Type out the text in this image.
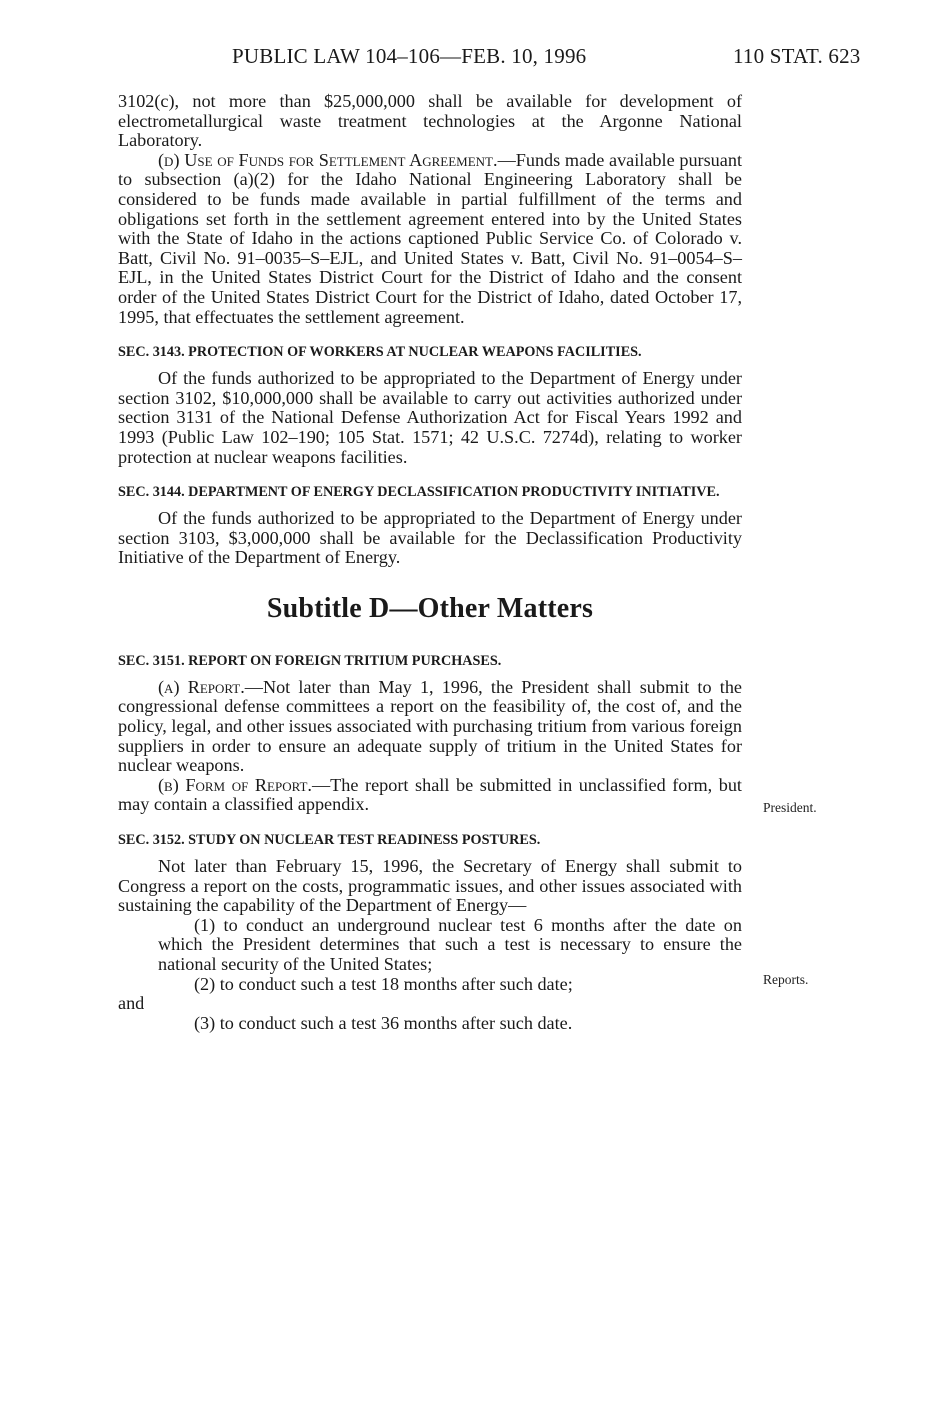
PUBLIC LAW 104–106—FEB. 10, 1996	110 STAT. 623

3102(c), not more than $25,000,000 shall be available for development of electrometallurgical waste treatment technologies at the Argonne National Laboratory.

(d) Use of Funds for Settlement Agreement.—Funds made available pursuant to subsection (a)(2) for the Idaho National Engineering Laboratory shall be considered to be funds made available in partial fulfillment of the terms and obligations set forth in the settlement agreement entered into by the United States with the State of Idaho in the actions captioned Public Service Co. of Colorado v. Batt, Civil No. 91–0035–S–EJL, and United States v. Batt, Civil No. 91–0054–S–EJL, in the United States District Court for the District of Idaho and the consent order of the United States District Court for the District of Idaho, dated October 17, 1995, that effectuates the settlement agreement.

SEC. 3143. PROTECTION OF WORKERS AT NUCLEAR WEAPONS FACILITIES.

Of the funds authorized to be appropriated to the Department of Energy under section 3102, $10,000,000 shall be available to carry out activities authorized under section 3131 of the National Defense Authorization Act for Fiscal Years 1992 and 1993 (Public Law 102–190; 105 Stat. 1571; 42 U.S.C. 7274d), relating to worker protection at nuclear weapons facilities.

SEC. 3144. DEPARTMENT OF ENERGY DECLASSIFICATION PRODUCTIVITY INITIATIVE.

Of the funds authorized to be appropriated to the Department of Energy under section 3103, $3,000,000 shall be available for the Declassification Productivity Initiative of the Department of Energy.

Subtitle D—Other Matters
SEC. 3151. REPORT ON FOREIGN TRITIUM PURCHASES.

(a) Report.—Not later than May 1, 1996, the President shall submit to the congressional defense committees a report on the feasibility of, the cost of, and the policy, legal, and other issues associated with purchasing tritium from various foreign suppliers in order to ensure an adequate supply of tritium in the United States for nuclear weapons.

(b) Form of Report.—The report shall be submitted in unclassified form, but may contain a classified appendix.

SEC. 3152. STUDY ON NUCLEAR TEST READINESS POSTURES.

Not later than February 15, 1996, the Secretary of Energy shall submit to Congress a report on the costs, programmatic issues, and other issues associated with sustaining the capability of the Department of Energy—

(1) to conduct an underground nuclear test 6 months after the date on which the President determines that such a test is necessary to ensure the national security of the United States;

(2) to conduct such a test 18 months after such date;

and

(3) to conduct such a test 36 months after such date.

President.
Reports.
